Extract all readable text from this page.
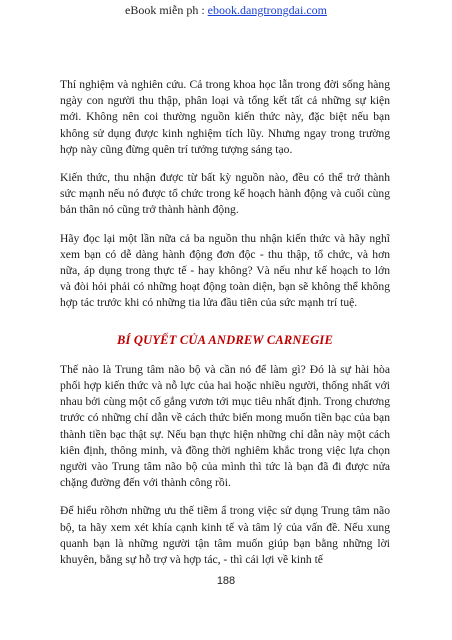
eBook miễn ph : ebook.dangtrongdai.com

Thí nghiệm và nghiên cứu. Cả trong khoa học lẫn trong đời sống hàng ngày con người thu thập, phân loại và tổng kết tất cả những sự kiện mới. Không nên coi thường nguồn kiến thức này, đặc biệt nếu bạn không sử dụng được kinh nghiệm tích lũy. Nhưng ngay trong trường hợp này cũng đừng quên trí tưởng tượng sáng tạo.

Kiến thức, thu nhận được từ bất kỳ nguồn nào, đều có thể trở thành sức mạnh nếu nó được tổ chức trong kế hoạch hành động và cuối cùng bản thân nó cũng trở thành hành động.

Hãy đọc lại một lần nữa cả ba nguồn thu nhận kiến thức và hãy nghĩ xem bạn có dễ dàng hành động đơn độc - thu thập, tổ chức, và hơn nữa, áp dụng trong thực tế - hay không? Và nếu như kế hoạch to lớn và đòi hỏi phải có những hoạt động toàn diện, bạn sẽ không thể không hợp tác trước khi có những tia lửa đầu tiên của sức mạnh trí tuệ.

BÍ QUYẾT CỦA ANDREW CARNEGIE

Thế nào là Trung tâm não bộ và cần nó để làm gì? Đó là sự hài hòa phối hợp kiến thức và nỗ lực của hai hoặc nhiều người, thống nhất với nhau bởi cùng một cố gắng vươn tới mục tiêu nhất định. Trong chương trước có những chỉ dẫn về cách thức biến mong muốn tiền bạc của bạn thành tiền bạc thật sự. Nếu bạn thực hiện những chỉ dẫn này một cách kiên định, thông minh, và đồng thời nghiêm khắc trong việc lựa chọn người vào Trung tâm não bộ của mình thì tức là bạn đã đi được nửa chặng đường đến với thành công rồi.

Để hiểu rõhơn những ưu thế tiềm ẩ trong việc sử dụng Trung tâm não bộ, ta hãy xem xét khía cạnh kinh tế và tâm lý của vấn đề. Nếu xung quanh bạn là những người tận tâm muốn giúp bạn bằng những lời khuyên, bằng sự hỗ trợ và hợp tác, - thì cái lợi về kinh tế

188
